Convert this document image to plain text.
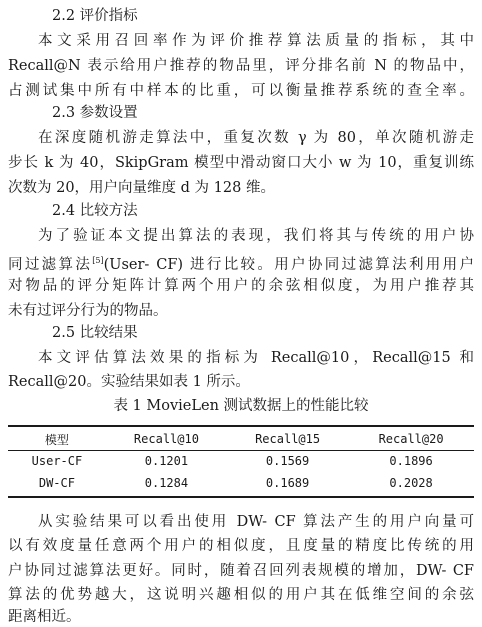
2.2 评价指标
本文采用召回率作为评价推荐算法质量的指标，其中
Recall@N 表示给用户推荐的物品里，评分排名前 N 的物品中，
占测试集中所有中样本的比重，可以衡量推荐系统的查全率。
2.3 参数设置
在深度随机游走算法中，重复次数 γ 为 80，单次随机游走
步长 k 为 40，SkipGram 模型中滑动窗口大小 w 为 10，重复训练
次数为 20，用户向量维度 d 为 128 维。
2.4 比较方法
为了验证本文提出算法的表现，我们将其与传统的用户协
同过滤算法[5](User- CF) 进行比较。用户协同过滤算法利用用户
对物品的评分矩阵计算两个用户的余弦相似度，为用户推荐其
未有过评分行为的物品。
2.5 比较结果
本文评估算法效果的指标为 Recall@10，Recall@15 和
Recall@20。实验结果如表 1 所示。
表 1 MovieLen 测试数据上的性能比较
模型	Recall@10	Recall@15	Recall@20
User-CF	0.1201	0.1569	0.1896
DW-CF	0.1284	0.1689	0.2028
从实验结果可以看出使用 DW- CF 算法产生的用户向量可
以有效度量任意两个用户的相似度，且度量的精度比传统的用
户协同过滤算法更好。同时，随着召回列表规模的增加，DW- CF
算法的优势越大，这说明兴趣相似的用户其在低维空间的余弦
距离相近。
